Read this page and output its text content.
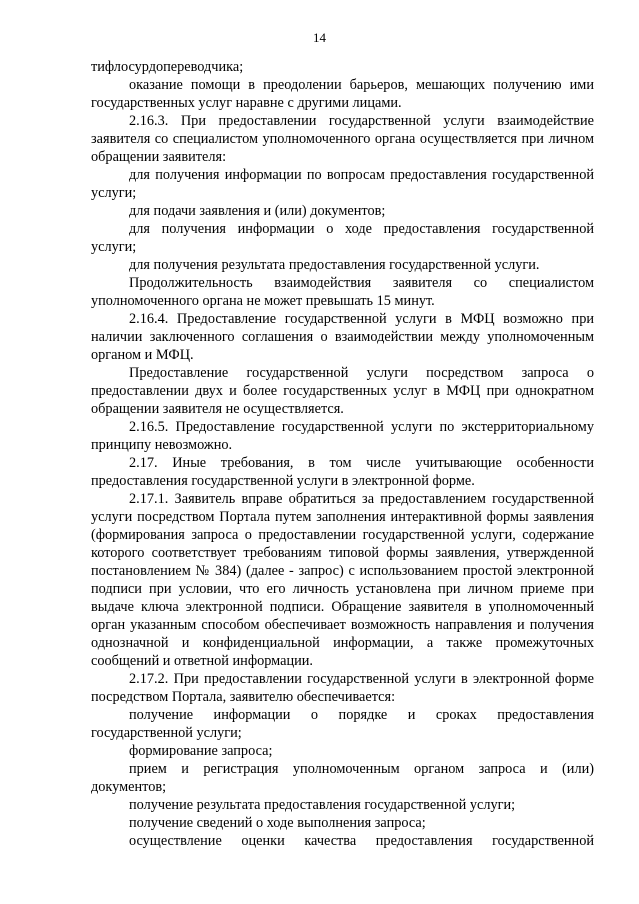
14

тифлосурдопереводчика;

оказание помощи в преодолении барьеров, мешающих получению ими государственных услуг наравне с другими лицами.

2.16.3. При предоставлении государственной услуги взаимодействие заявителя со специалистом уполномоченного органа осуществляется при личном обращении заявителя:

для получения информации по вопросам предоставления государственной услуги;

для подачи заявления и (или) документов;

для получения информации о ходе предоставления государственной услуги;

для получения результата предоставления государственной услуги.

Продолжительность взаимодействия заявителя со специалистом уполномоченного органа не может превышать 15 минут.

2.16.4. Предоставление государственной услуги в МФЦ возможно при наличии заключенного соглашения о взаимодействии между уполномоченным органом и МФЦ.

Предоставление государственной услуги посредством запроса о предоставлении двух и более государственных услуг в МФЦ при однократном обращении заявителя не осуществляется.

2.16.5. Предоставление государственной услуги по экстерриториальному принципу невозможно.

2.17. Иные требования, в том числе учитывающие особенности предоставления государственной услуги в электронной форме.

2.17.1. Заявитель вправе обратиться за предоставлением государственной услуги посредством Портала путем заполнения интерактивной формы заявления (формирования запроса о предоставлении государственной услуги, содержание которого соответствует требованиям типовой формы заявления, утвержденной постановлением № 384) (далее - запрос) с использованием простой электронной подписи при условии, что его личность установлена при личном приеме при выдаче ключа электронной подписи. Обращение заявителя в уполномоченный орган указанным способом обеспечивает возможность направления и получения однозначной и конфиденциальной информации, а также промежуточных сообщений и ответной информации.

2.17.2. При предоставлении государственной услуги в электронной форме посредством Портала, заявителю обеспечивается:

получение информации о порядке и сроках предоставления государственной услуги;

формирование запроса;

прием и регистрация уполномоченным органом запроса и (или) документов;

получение результата предоставления государственной услуги;

получение сведений о ходе выполнения запроса;

осуществление оценки качества предоставления государственной
